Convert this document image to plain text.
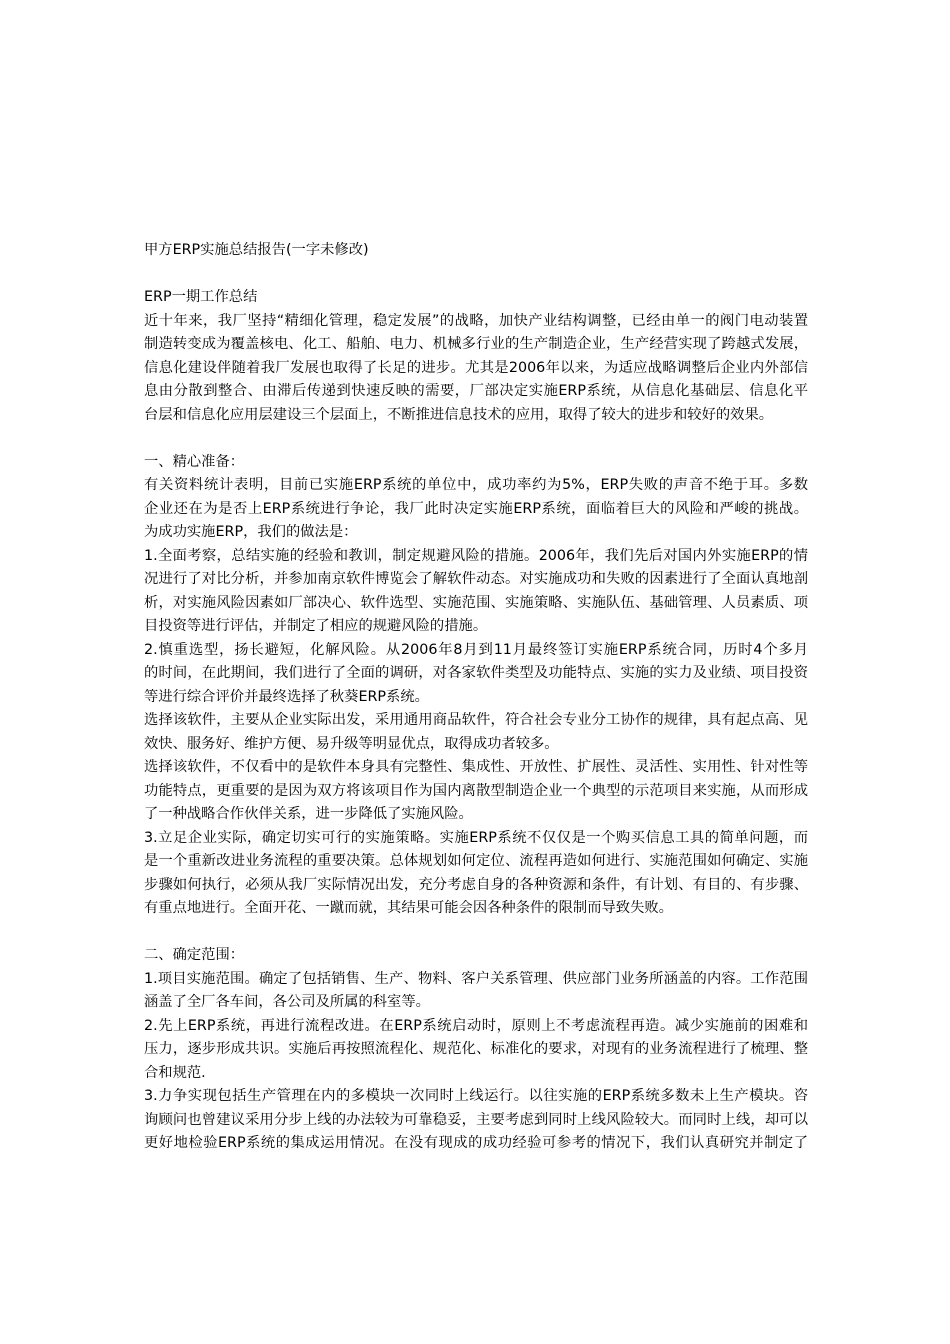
甲方ERP实施总结报告(一字未修改)
ERP一期工作总结
近十年来，我厂坚持“精细化管理，稳定发展”的战略，加快产业结构调整，已经由单一的阀门电动装置
制造转变成为覆盖核电、化工、船舶、电力、机械多行业的生产制造企业，生产经营实现了跨越式发展，
信息化建设伴随着我厂发展也取得了长足的进步。尤其是2006年以来，为适应战略调整后企业内外部信
息由分散到整合、由滞后传递到快速反映的需要，厂部决定实施ERP系统，从信息化基础层、信息化平
台层和信息化应用层建设三个层面上，不断推进信息技术的应用，取得了较大的进步和较好的效果。
一、精心准备：
有关资料统计表明，目前已实施ERP系统的单位中，成功率约为5%，ERP失败的声音不绝于耳。多数
企业还在为是否上ERP系统进行争论，我厂此时决定实施ERP系统，面临着巨大的风险和严峻的挑战。
为成功实施ERP，我们的做法是：
1.全面考察，总结实施的经验和教训，制定规避风险的措施。2006年，我们先后对国内外实施ERP的情
况进行了对比分析，并参加南京软件博览会了解软件动态。对实施成功和失败的因素进行了全面认真地剖
析，对实施风险因素如厂部决心、软件选型、实施范围、实施策略、实施队伍、基础管理、人员素质、项
目投资等进行评估，并制定了相应的规避风险的措施。
2.慎重选型，扬长避短，化解风险。从2006年8月到11月最终签订实施ERP系统合同，历时4个多月
的时间，在此期间，我们进行了全面的调研，对各家软件类型及功能特点、实施的实力及业绩、项目投资
等进行综合评价并最终选择了秋葵ERP系统。
选择该软件，主要从企业实际出发，采用通用商品软件，符合社会专业分工协作的规律，具有起点高、见
效快、服务好、维护方便、易升级等明显优点，取得成功者较多。
选择该软件，不仅看中的是软件本身具有完整性、集成性、开放性、扩展性、灵活性、实用性、针对性等
功能特点，更重要的是因为双方将该项目作为国内离散型制造企业一个典型的示范项目来实施，从而形成
了一种战略合作伙伴关系，进一步降低了实施风险。
3.立足企业实际，确定切实可行的实施策略。实施ERP系统不仅仅是一个购买信息工具的简单问题，而
是一个重新改进业务流程的重要决策。总体规划如何定位、流程再造如何进行、实施范围如何确定、实施
步骤如何执行，必须从我厂实际情况出发，充分考虑自身的各种资源和条件，有计划、有目的、有步骤、
有重点地进行。全面开花、一蹴而就，其结果可能会因各种条件的限制而导致失败。
二、确定范围：
1.项目实施范围。确定了包括销售、生产、物料、客户关系管理、供应部门业务所涵盖的内容。工作范围
涵盖了全厂各车间，各公司及所属的科室等。
2.先上ERP系统，再进行流程改进。在ERP系统启动时，原则上不考虑流程再造。减少实施前的困难和
压力，逐步形成共识。实施后再按照流程化、规范化、标准化的要求，对现有的业务流程进行了梳理、整
合和规范.
3.力争实现包括生产管理在内的多模块一次同时上线运行。以往实施的ERP系统多数未上生产模块。咨
询顾问也曾建议采用分步上线的办法较为可靠稳妥，主要考虑到同时上线风险较大。而同时上线，却可以
更好地检验ERP系统的集成运用情况。在没有现成的成功经验可参考的情况下，我们认真研究并制定了
